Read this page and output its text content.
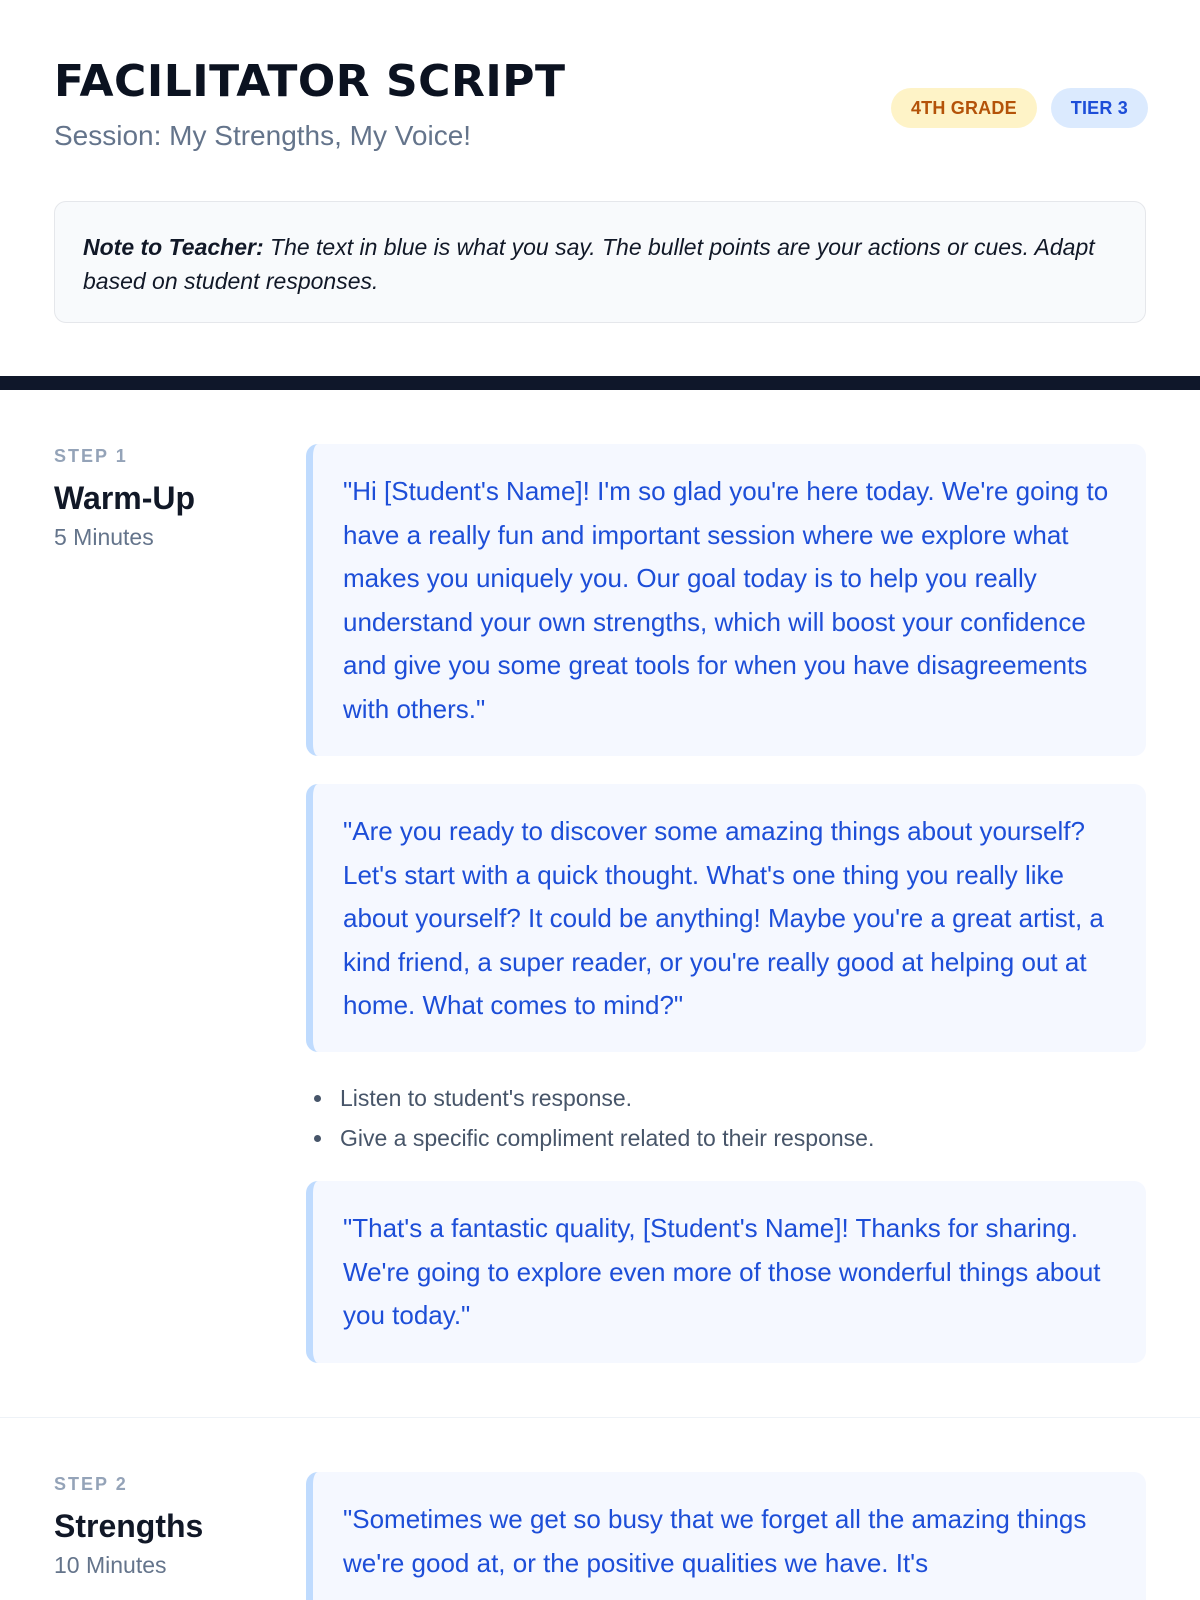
FACILITATOR SCRIPT

Session: My Strengths, My Voice!

4TH GRADE	TIER 3
Note to Teacher: The text in blue is what you say. The bullet points are your actions or cues. Adapt based on student responses.

STEP 1

Warm-Up

5 Minutes

"Hi [Student's Name]! I'm so glad you're here today. We're going to have a really fun and important session where we explore what makes you uniquely you. Our goal today is to help you really understand your own strengths, which will boost your confidence and give you some great tools for when you have disagreements with others."
"Are you ready to discover some amazing things about yourself? Let's start with a quick thought. What's one thing you really like about yourself? It could be anything! Maybe you're a great artist, a kind friend, a super reader, or you're really good at helping out at home. What comes to mind?"
Listen to student's response.
Give a specific compliment related to their response.
"That's a fantastic quality, [Student's Name]! Thanks for sharing. We're going to explore even more of those wonderful things about you today."

STEP 2

Strengths

10 Minutes

"Sometimes we get so busy that we forget all the amazing things we're good at, or the positive qualities we have. It's
